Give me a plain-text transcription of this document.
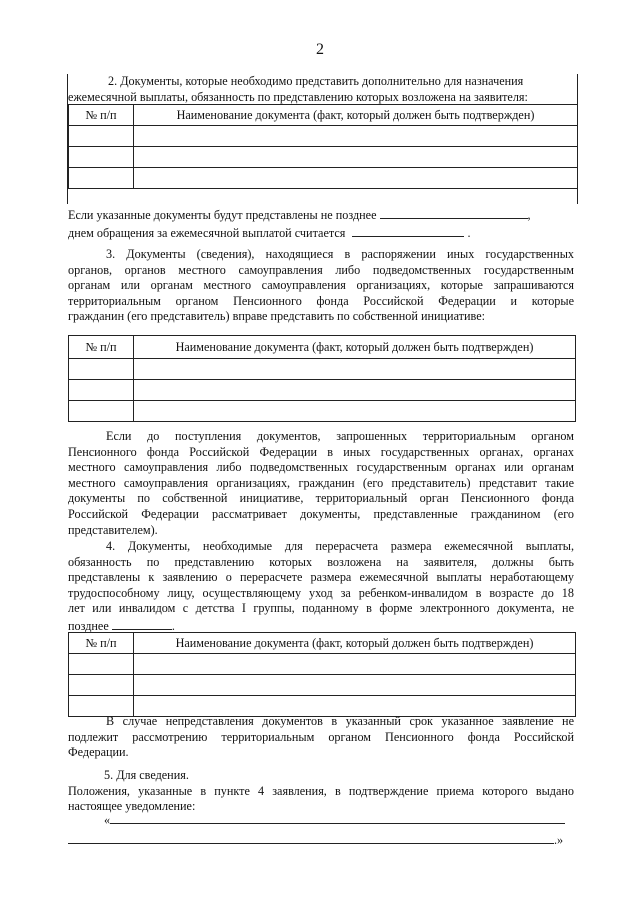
2
2. Документы, которые необходимо представить дополнительно для назначения
ежемесячной выплаты, обязанность по представлению которых возложена на заявителя:
№ п/п	Наименование документа (факт, который должен быть подтвержден)

Если указанные документы будут представлены не позднее	,
днем обращения за ежемесячной выплатой считается	.
3. Документы (сведения), находящиеся в распоряжении иных государственных
органов, органов местного самоуправления либо подведомственных государственным
органам или органам местного самоуправления организациях, которые запрашиваются
территориальным органом Пенсионного фонда Российской Федерации и которые
гражданин (его представитель) вправе представить по собственной инициативе:
№ п/п	Наименование документа (факт, который должен быть подтвержден)

Если до поступления документов, запрошенных территориальным органом
Пенсионного фонда Российской Федерации в иных государственных органах, органах
местного самоуправления либо подведомственных государственным органах или органам
местного самоуправления организациях, гражданин (его представитель) представит такие
документы по собственной инициативе, территориальный орган Пенсионного фонда
Российской Федерации рассматривает документы, представленные гражданином (его
представителем).
4. Документы, необходимые для перерасчета размера ежемесячной выплаты,
обязанность по представлению которых возложена на заявителя, должны быть
представлены к заявлению о перерасчете размера ежемесячной выплаты неработающему
трудоспособному лицу, осуществляющему уход за ребенком-инвалидом в возрасте до 18
лет или инвалидом с детства I группы, поданному в форме электронного документа, не
позднее	.
№ п/п	Наименование документа (факт, который должен быть подтвержден)

В случае непредставления документов в указанный срок указанное заявление не
подлежит рассмотрению территориальным органом Пенсионного фонда Российской
Федерации.
5. Для сведения.
Положения, указанные в пункте 4 заявления, в подтверждение приема которого выдано
настоящее уведомление:
«
.»
